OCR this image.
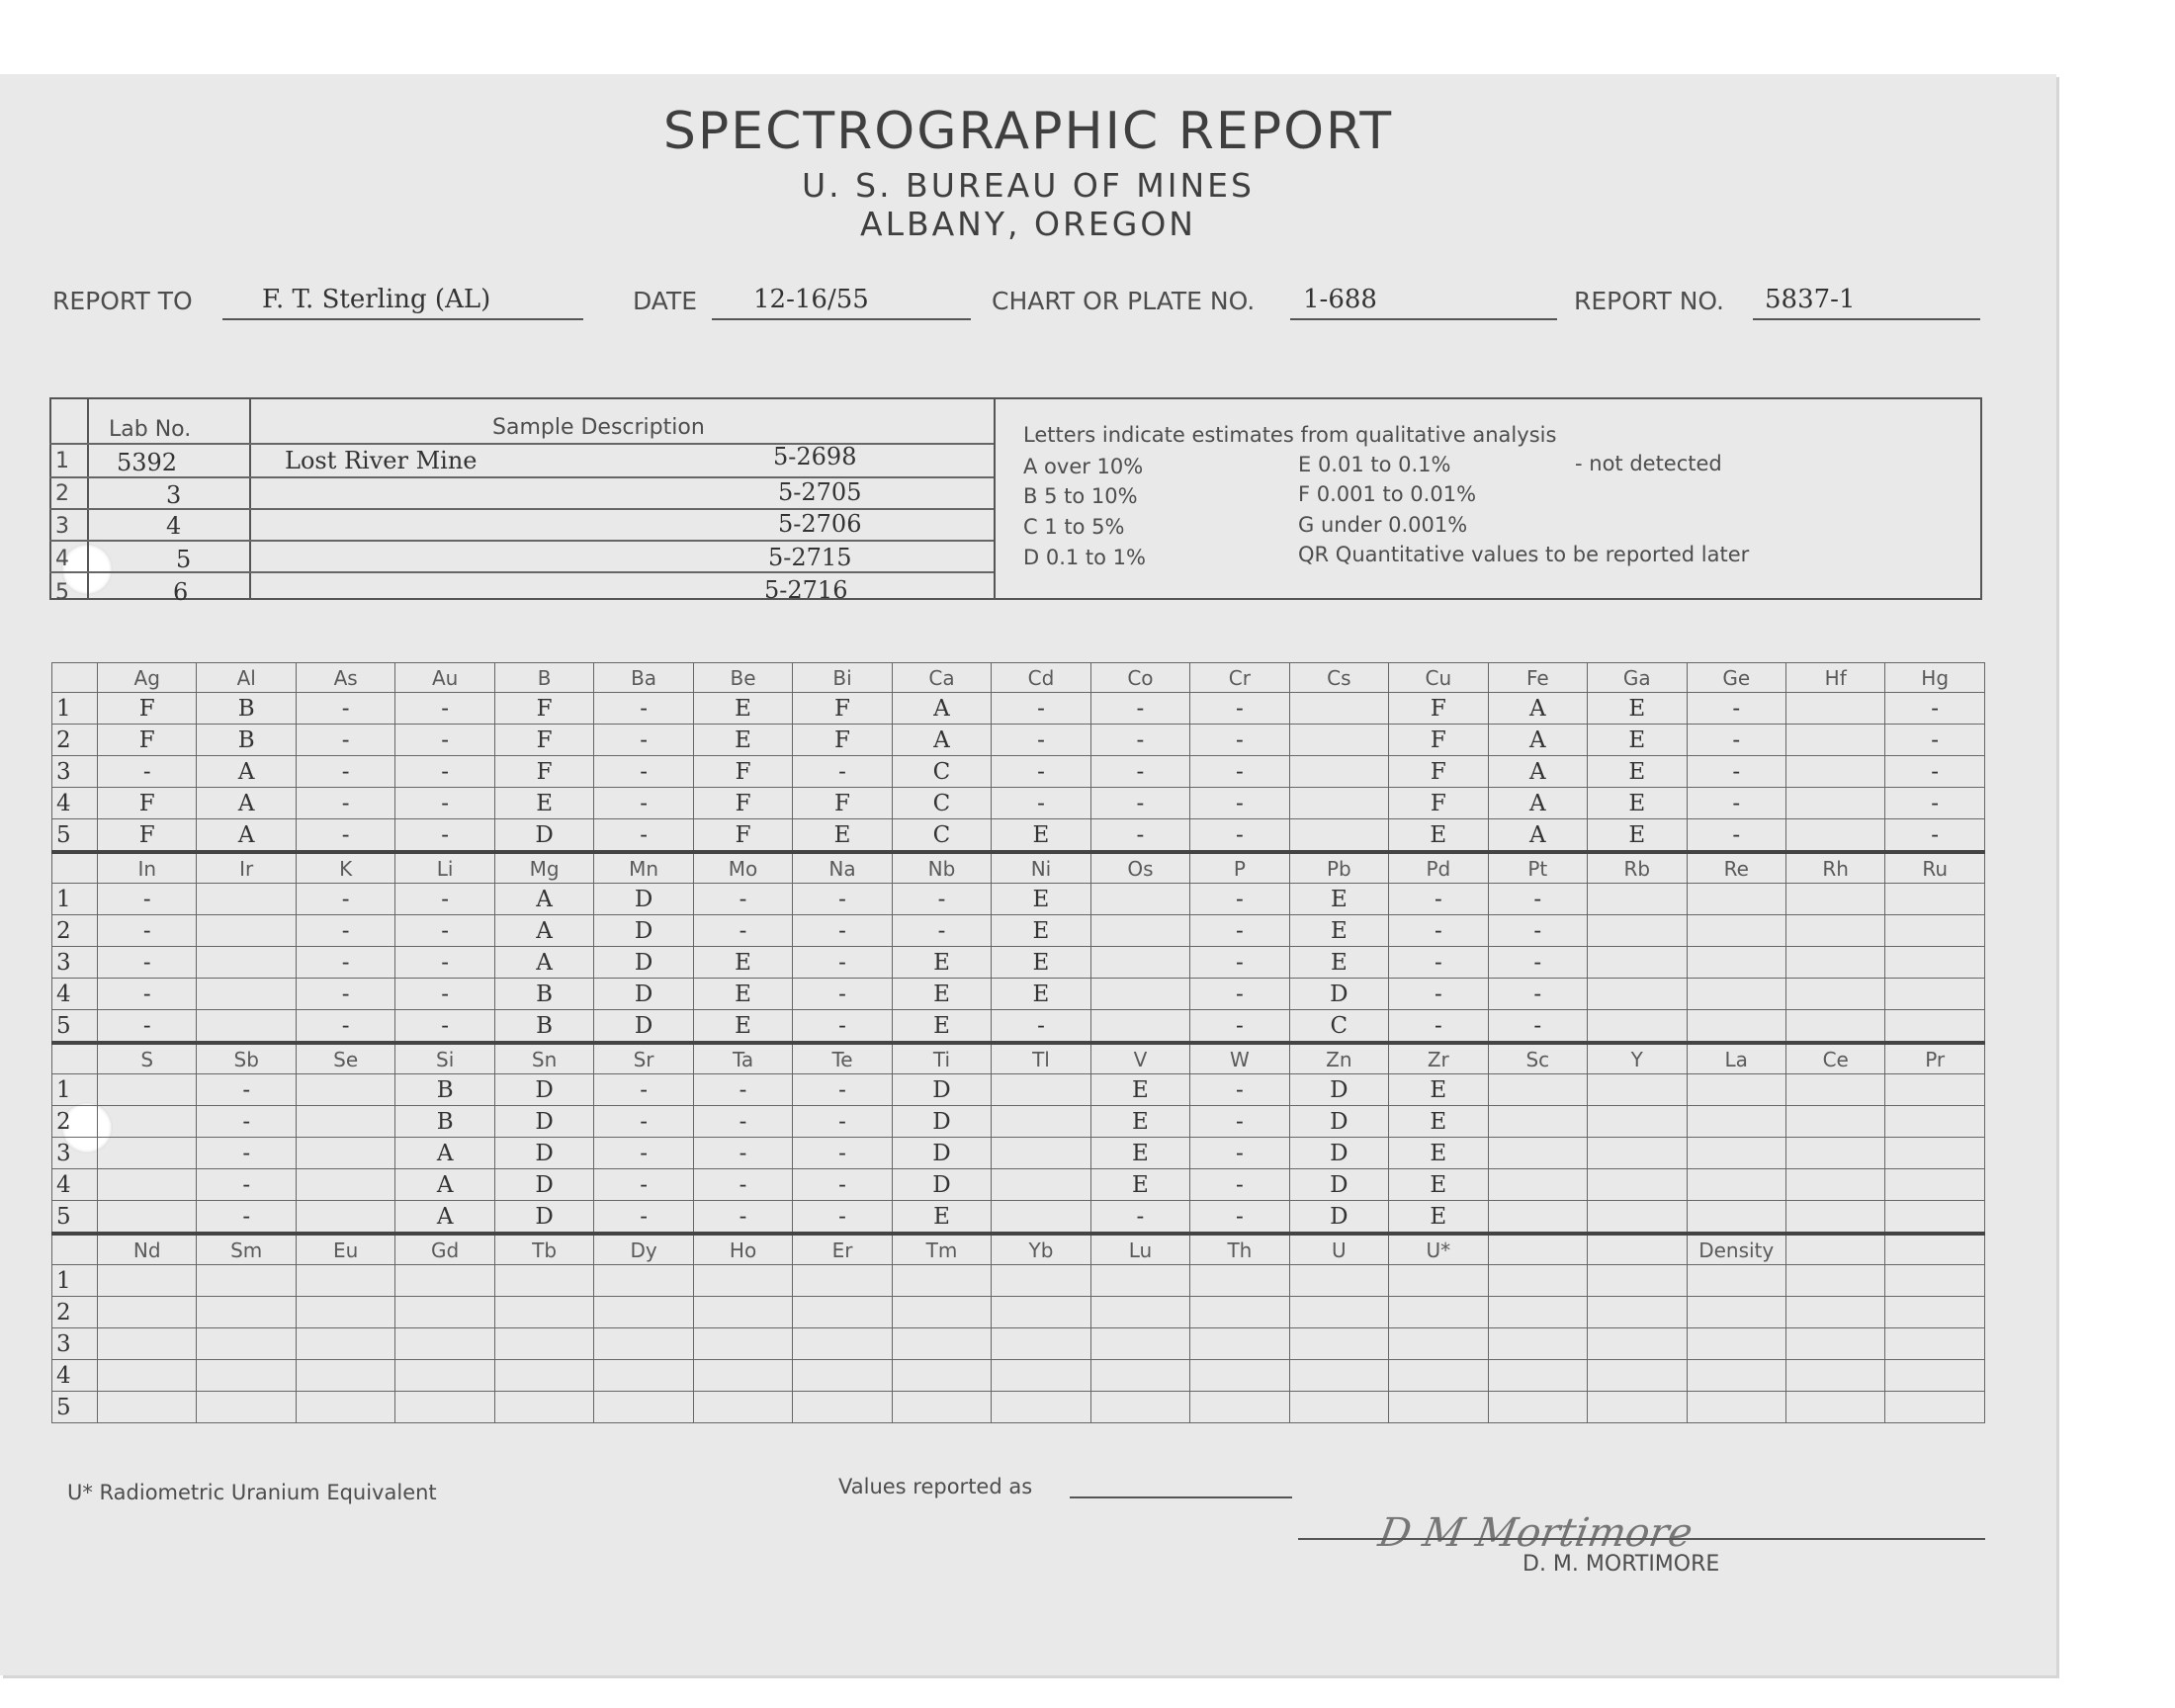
SPECTROGRAPHIC REPORT
U. S. BUREAU OF MINES
ALBANY, OREGON
REPORT TO	F. T. Sterling (AL)	DATE 12-16/55	CHART OR PLATE NO. 1-688	REPORT NO. 5837-1
Lab No.	Sample Description
1 5392	Lost River Mine	5-2698
2	3	5-2705
3	4	5-2706
4	5	5-2715
5	6	5-2716
Letters indicate estimates from qualitative analysis
A over 10%
B 5 to 10%
C 1 to 5%
D 0.1 to 1%
E 0.01 to 0.1%
F 0.001 to 0.01%
G under 0.001%
QR Quantitative values to be reported later
- not detected
	Ag	Al	As	Au	B	Ba	Be	Bi	Ca	Cd	Co	Cr	Cs	Cu	Fe	Ga	Ge	Hf	Hg
1	F	B	-	-	F	-	E	F	A	-	-	-		F	A	E	-		-
2	F	B	-	-	F	-	E	F	A	-	-	-		F	A	E	-		-
3	-	A	-	-	F	-	F	-	C	-	-	-		F	A	E	-		-
4	F	A	-	-	E	-	F	F	C	-	-	-		F	A	E	-		-
5	F	A	-	-	D	-	F	E	C	E	-	-		E	A	E	-		-
	In	Ir	K	Li	Mg	Mn	Mo	Na	Nb	Ni	Os	P	Pb	Pd	Pt	Rb	Re	Rh	Ru
1	-		-	-	A	D	-	-	-	E		-	E	-	-				
2	-		-	-	A	D	-	-	-	E		-	E	-	-				
3	-		-	-	A	D	E	-	E	E		-	E	-	-				
4	-		-	-	B	D	E	-	E	E		-	D	-	-				
5	-		-	-	B	D	E	-	E	-		-	C	-	-				
	S	Sb	Se	Si	Sn	Sr	Ta	Te	Ti	Tl	V	W	Zn	Zr	Sc	Y	La	Ce	Pr
1		-		B	D	-	-	-	D		E	-	D	E					
2		-		B	D	-	-	-	D		E	-	D	E					
3		-		A	D	-	-	-	D		E	-	D	E					
4		-		A	D	-	-	-	D		E	-	D	E					
5		-		A	D	-	-	-	E		-	-	D	E					
	Nd	Sm	Eu	Gd	Tb	Dy	Ho	Er	Tm	Yb	Lu	Th	U	U*			Density		
1																			
2																			
3																			
4																			
5																			
U* Radiometric Uranium Equivalent	Values reported as
D M Mortimore
D. M. MORTIMORE
